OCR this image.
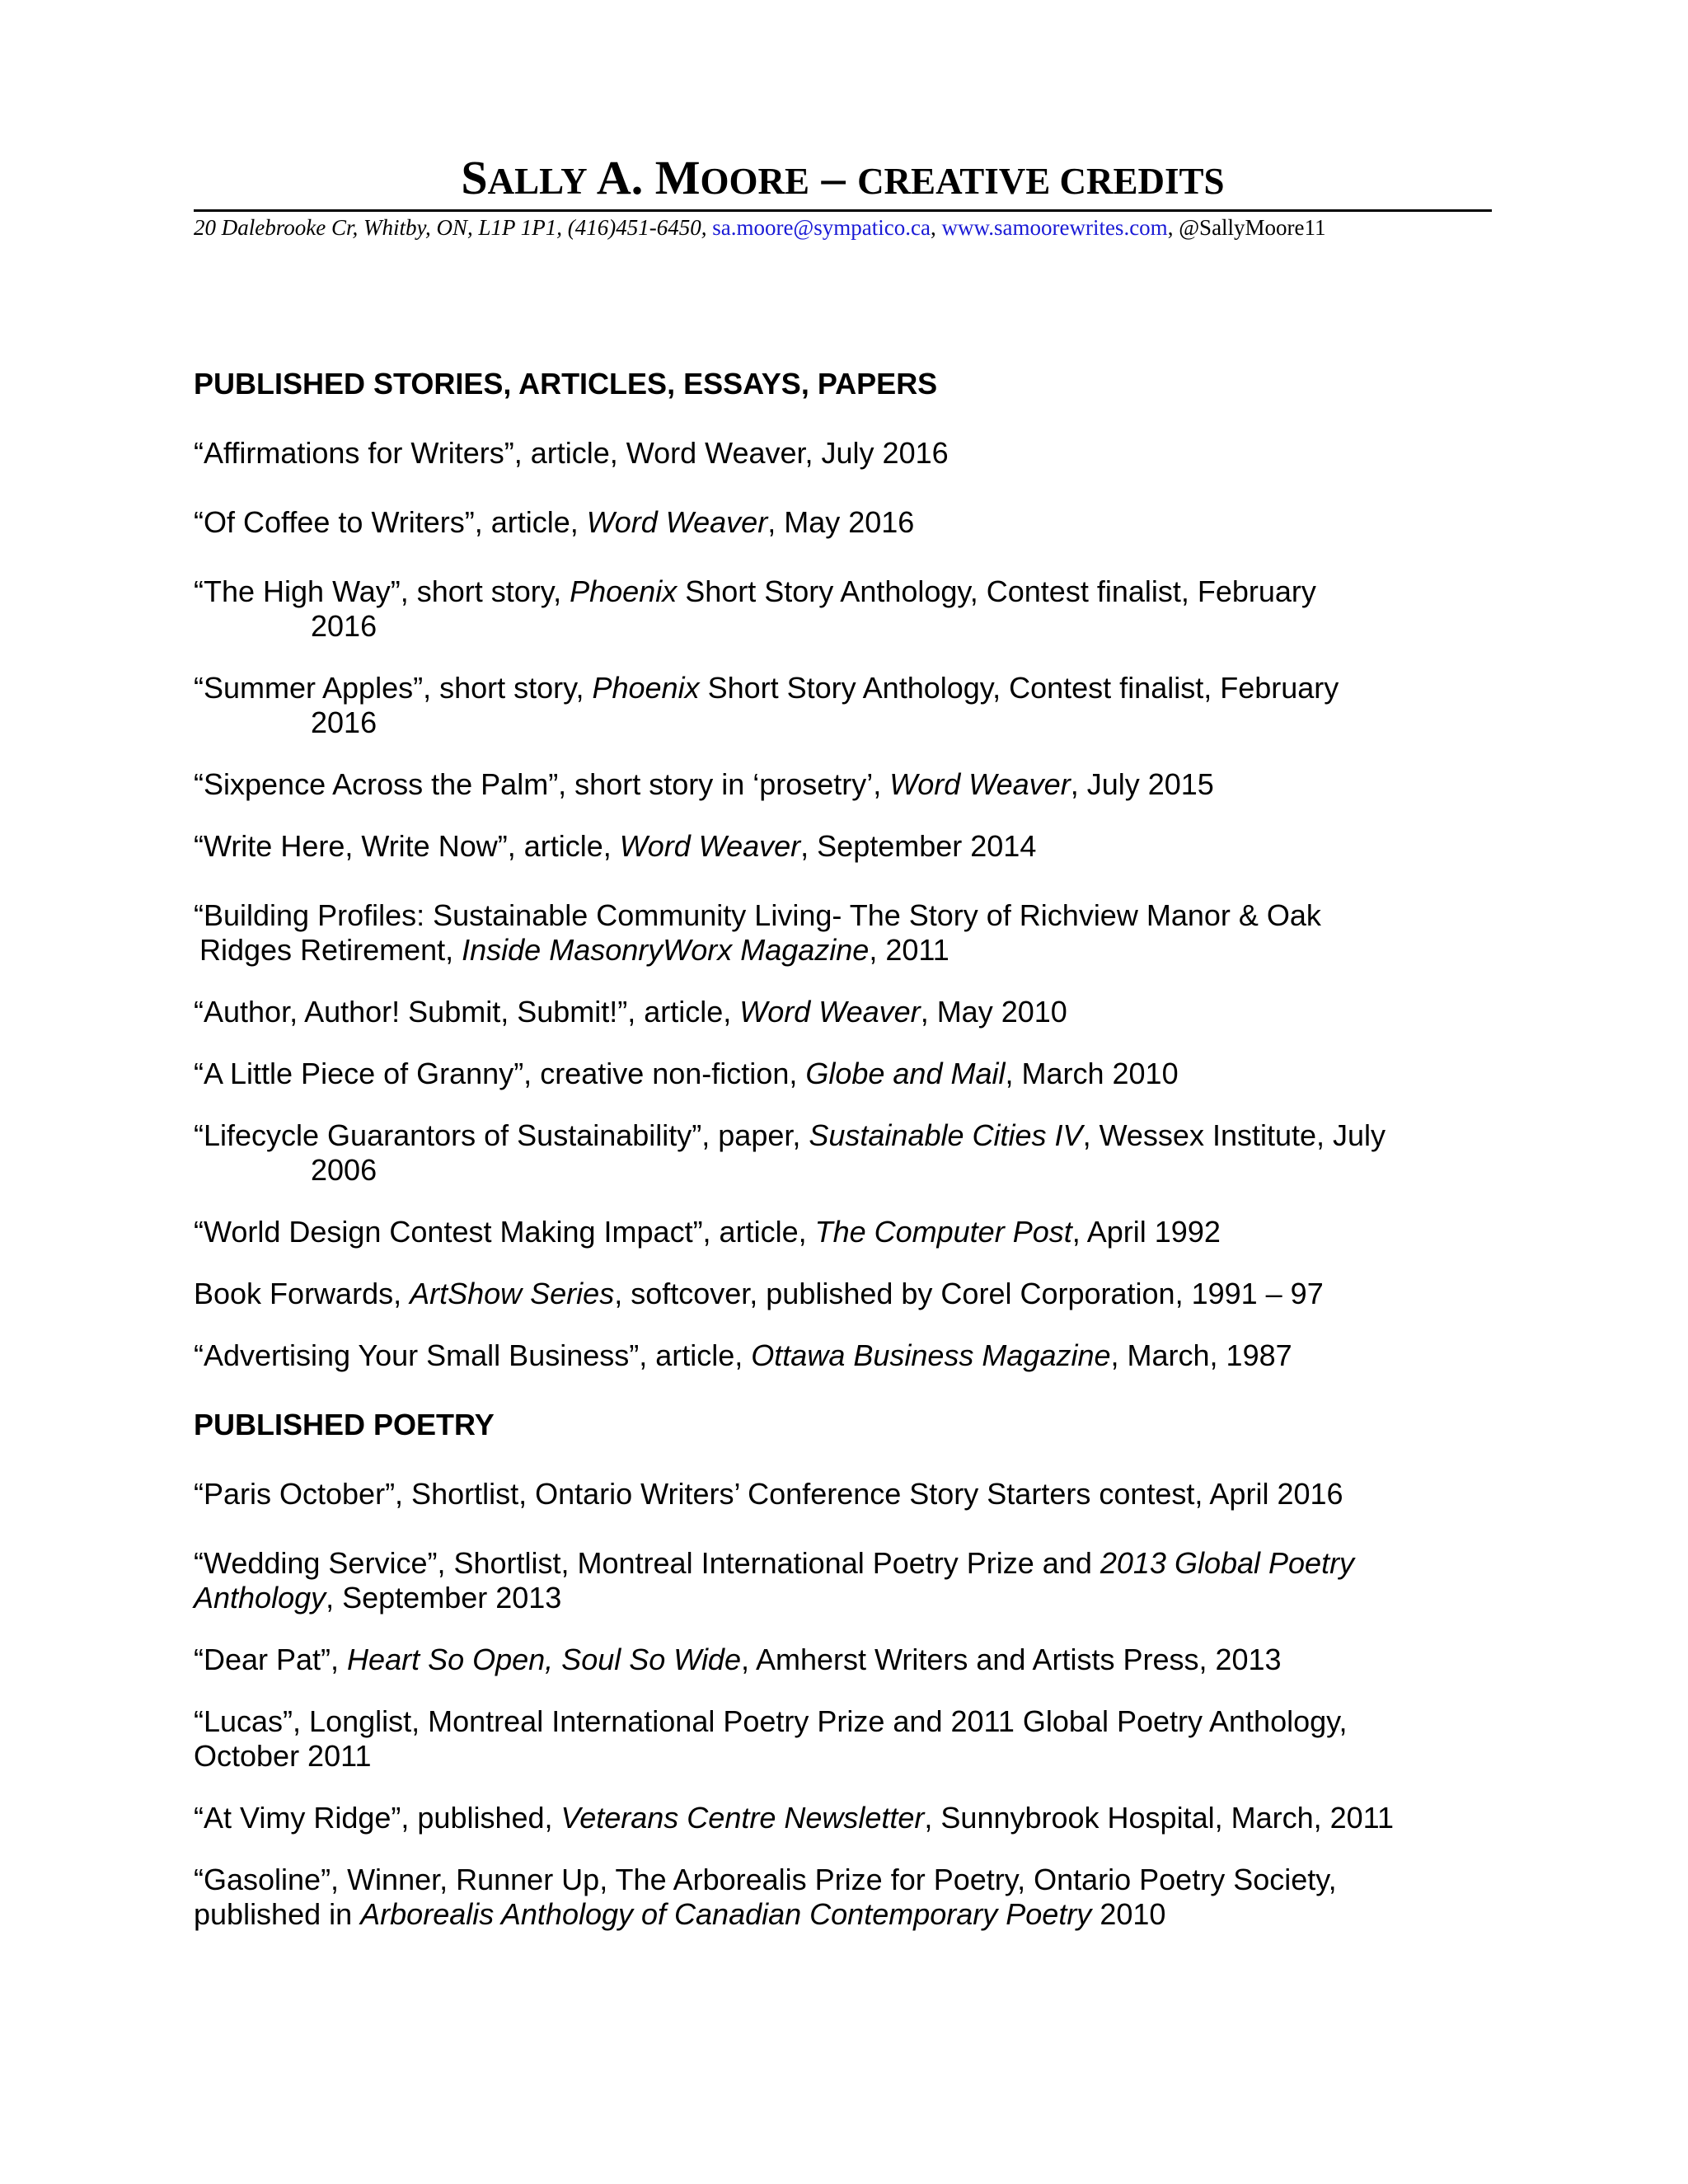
SALLY A. MOORE – CREATIVE CREDITS
20 Dalebrooke Cr, Whitby, ON, L1P 1P1, (416)451-6450, sa.moore@sympatico.ca, www.samoorewrites.com, @SallyMoore11
PUBLISHED STORIES, ARTICLES, ESSAYS, PAPERS
“Affirmations for Writers”, article, Word Weaver, July 2016
“Of Coffee to Writers”, article, Word Weaver, May 2016
“The High Way”, short story, Phoenix Short Story Anthology, Contest finalist, February
2016
“Summer Apples”, short story, Phoenix Short Story Anthology, Contest finalist, February
2016
“Sixpence Across the Palm”, short story in ‘prosetry’, Word Weaver, July 2015
“Write Here, Write Now”, article, Word Weaver, September 2014
“Building Profiles: Sustainable Community Living- The Story of Richview Manor & Oak
Ridges Retirement, Inside MasonryWorx Magazine, 2011
“Author, Author! Submit, Submit!”, article, Word Weaver, May 2010
“A Little Piece of Granny”, creative non-fiction, Globe and Mail, March 2010
“Lifecycle Guarantors of Sustainability”, paper, Sustainable Cities IV, Wessex Institute, July
2006
“World Design Contest Making Impact”, article, The Computer Post, April 1992
Book Forwards, ArtShow Series, softcover, published by Corel Corporation, 1991 – 97
“Advertising Your Small Business”, article, Ottawa Business Magazine, March, 1987
PUBLISHED POETRY
“Paris October”, Shortlist, Ontario Writers’ Conference Story Starters contest, April 2016
“Wedding Service”, Shortlist, Montreal International Poetry Prize and 2013 Global Poetry
Anthology, September 2013
“Dear Pat”, Heart So Open, Soul So Wide, Amherst Writers and Artists Press, 2013
“Lucas”, Longlist, Montreal International Poetry Prize and 2011 Global Poetry Anthology,
October 2011
“At Vimy Ridge”, published, Veterans Centre Newsletter, Sunnybrook Hospital, March, 2011
“Gasoline”, Winner, Runner Up, The Arborealis Prize for Poetry, Ontario Poetry Society,
published in Arborealis Anthology of Canadian Contemporary Poetry 2010
